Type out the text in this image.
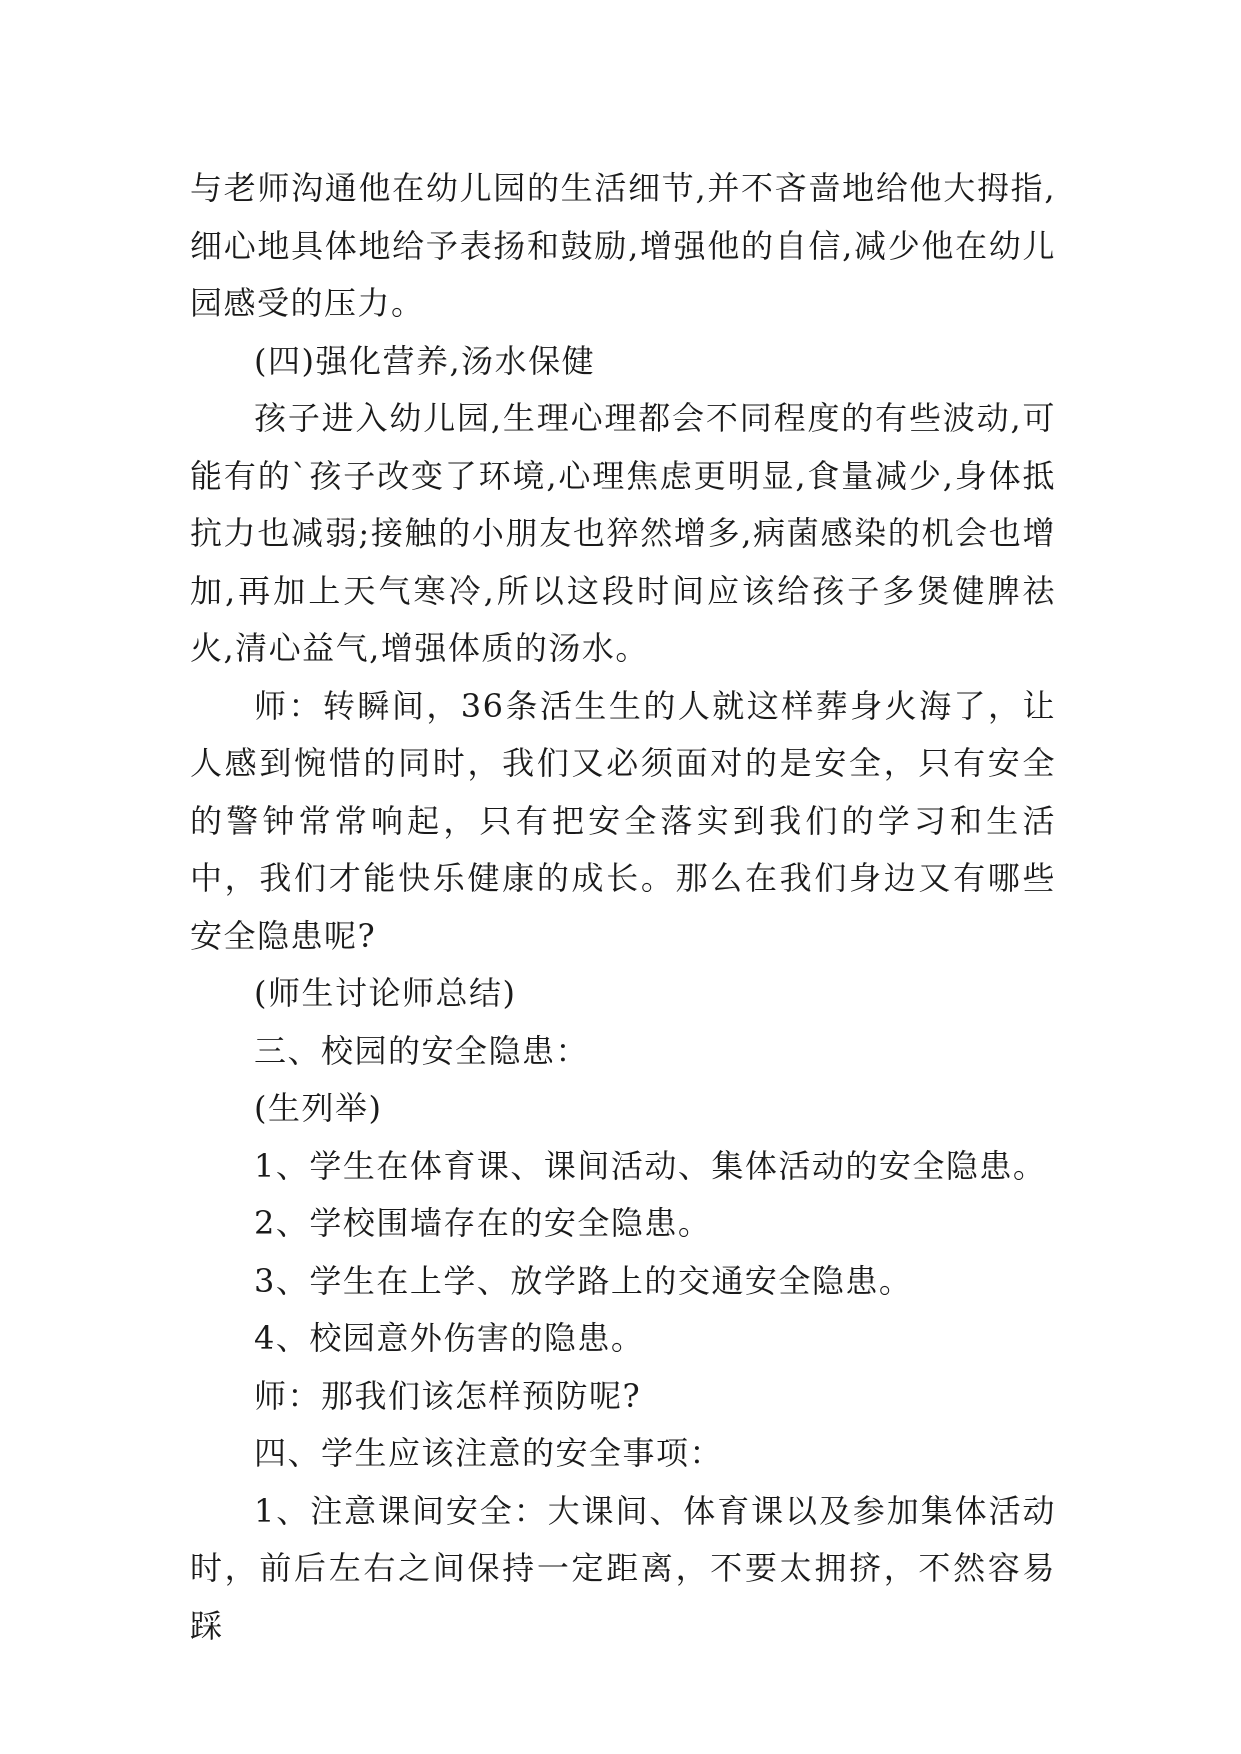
与老师沟通他在幼儿园的生活细节,并不吝啬地给他大拇指,细心地具体地给予表扬和鼓励,增强他的自信,减少他在幼儿园感受的压力。

(四)强化营养,汤水保健

孩子进入幼儿园,生理心理都会不同程度的有些波动,可能有的`孩子改变了环境,心理焦虑更明显,食量减少,身体抵抗力也减弱;接触的小朋友也猝然增多,病菌感染的机会也增加,再加上天气寒冷,所以这段时间应该给孩子多煲健脾祛火,清心益气,增强体质的汤水。

师：转瞬间，36条活生生的人就这样葬身火海了，让人感到惋惜的同时，我们又必须面对的是安全，只有安全的警钟常常响起，只有把安全落实到我们的学习和生活中，我们才能快乐健康的成长。那么在我们身边又有哪些安全隐患呢?

(师生讨论师总结)

三、校园的安全隐患：

(生列举)

1、学生在体育课、课间活动、集体活动的安全隐患。

2、学校围墙存在的安全隐患。

3、学生在上学、放学路上的交通安全隐患。

4、校园意外伤害的隐患。

师：那我们该怎样预防呢?

四、学生应该注意的安全事项：

1、注意课间安全：大课间、体育课以及参加集体活动时，前后左右之间保持一定距离，不要太拥挤，不然容易踩
